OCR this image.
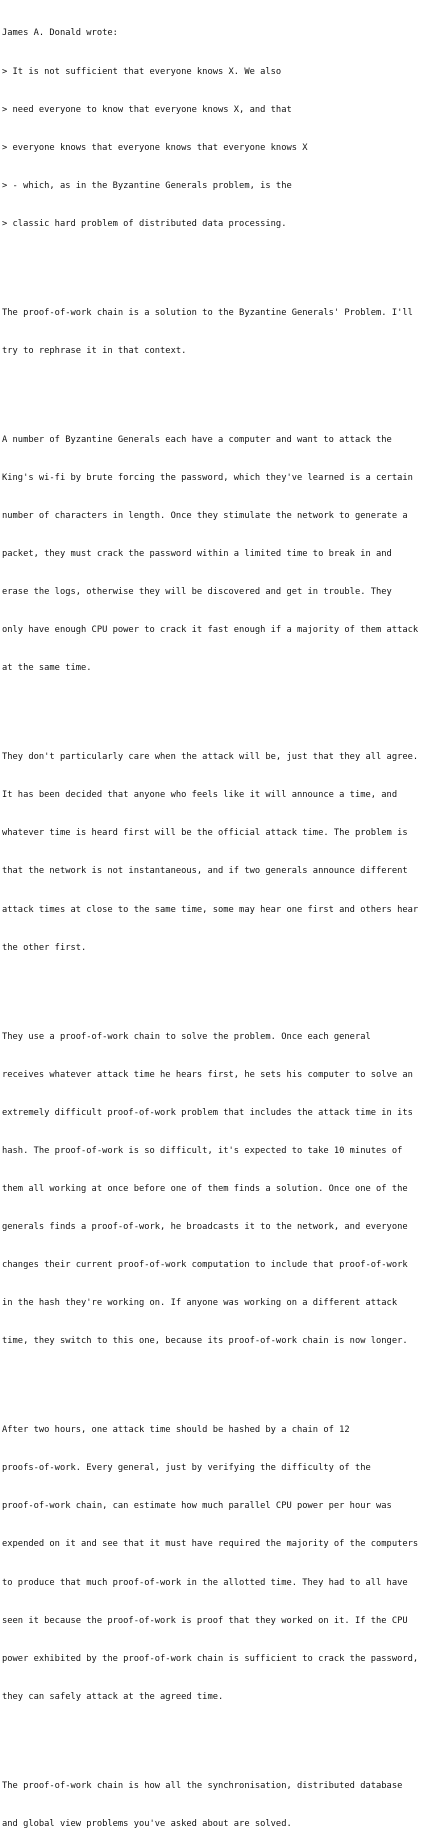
James A. Donald wrote:

> It is not sufficient that everyone knows X. We also

> need everyone to know that everyone knows X, and that

> everyone knows that everyone knows that everyone knows X

> - which, as in the Byzantine Generals problem, is the

> classic hard problem of distributed data processing.

The proof-of-work chain is a solution to the Byzantine Generals' Problem. I'll

try to rephrase it in that context.

A number of Byzantine Generals each have a computer and want to attack the

King's wi-fi by brute forcing the password, which they've learned is a certain

number of characters in length. Once they stimulate the network to generate a

packet, they must crack the password within a limited time to break in and

erase the logs, otherwise they will be discovered and get in trouble. They

only have enough CPU power to crack it fast enough if a majority of them attack

at the same time.

They don't particularly care when the attack will be, just that they all agree.

It has been decided that anyone who feels like it will announce a time, and

whatever time is heard first will be the official attack time. The problem is

that the network is not instantaneous, and if two generals announce different

attack times at close to the same time, some may hear one first and others hear

the other first.

They use a proof-of-work chain to solve the problem. Once each general

receives whatever attack time he hears first, he sets his computer to solve an

extremely difficult proof-of-work problem that includes the attack time in its

hash. The proof-of-work is so difficult, it's expected to take 10 minutes of

them all working at once before one of them finds a solution. Once one of the

generals finds a proof-of-work, he broadcasts it to the network, and everyone

changes their current proof-of-work computation to include that proof-of-work

in the hash they're working on. If anyone was working on a different attack

time, they switch to this one, because its proof-of-work chain is now longer.

After two hours, one attack time should be hashed by a chain of 12

proofs-of-work. Every general, just by verifying the difficulty of the

proof-of-work chain, can estimate how much parallel CPU power per hour was

expended on it and see that it must have required the majority of the computers

to produce that much proof-of-work in the allotted time. They had to all have

seen it because the proof-of-work is proof that they worked on it. If the CPU

power exhibited by the proof-of-work chain is sufficient to crack the password,

they can safely attack at the agreed time.

The proof-of-work chain is how all the synchronisation, distributed database

and global view problems you've asked about are solved.
